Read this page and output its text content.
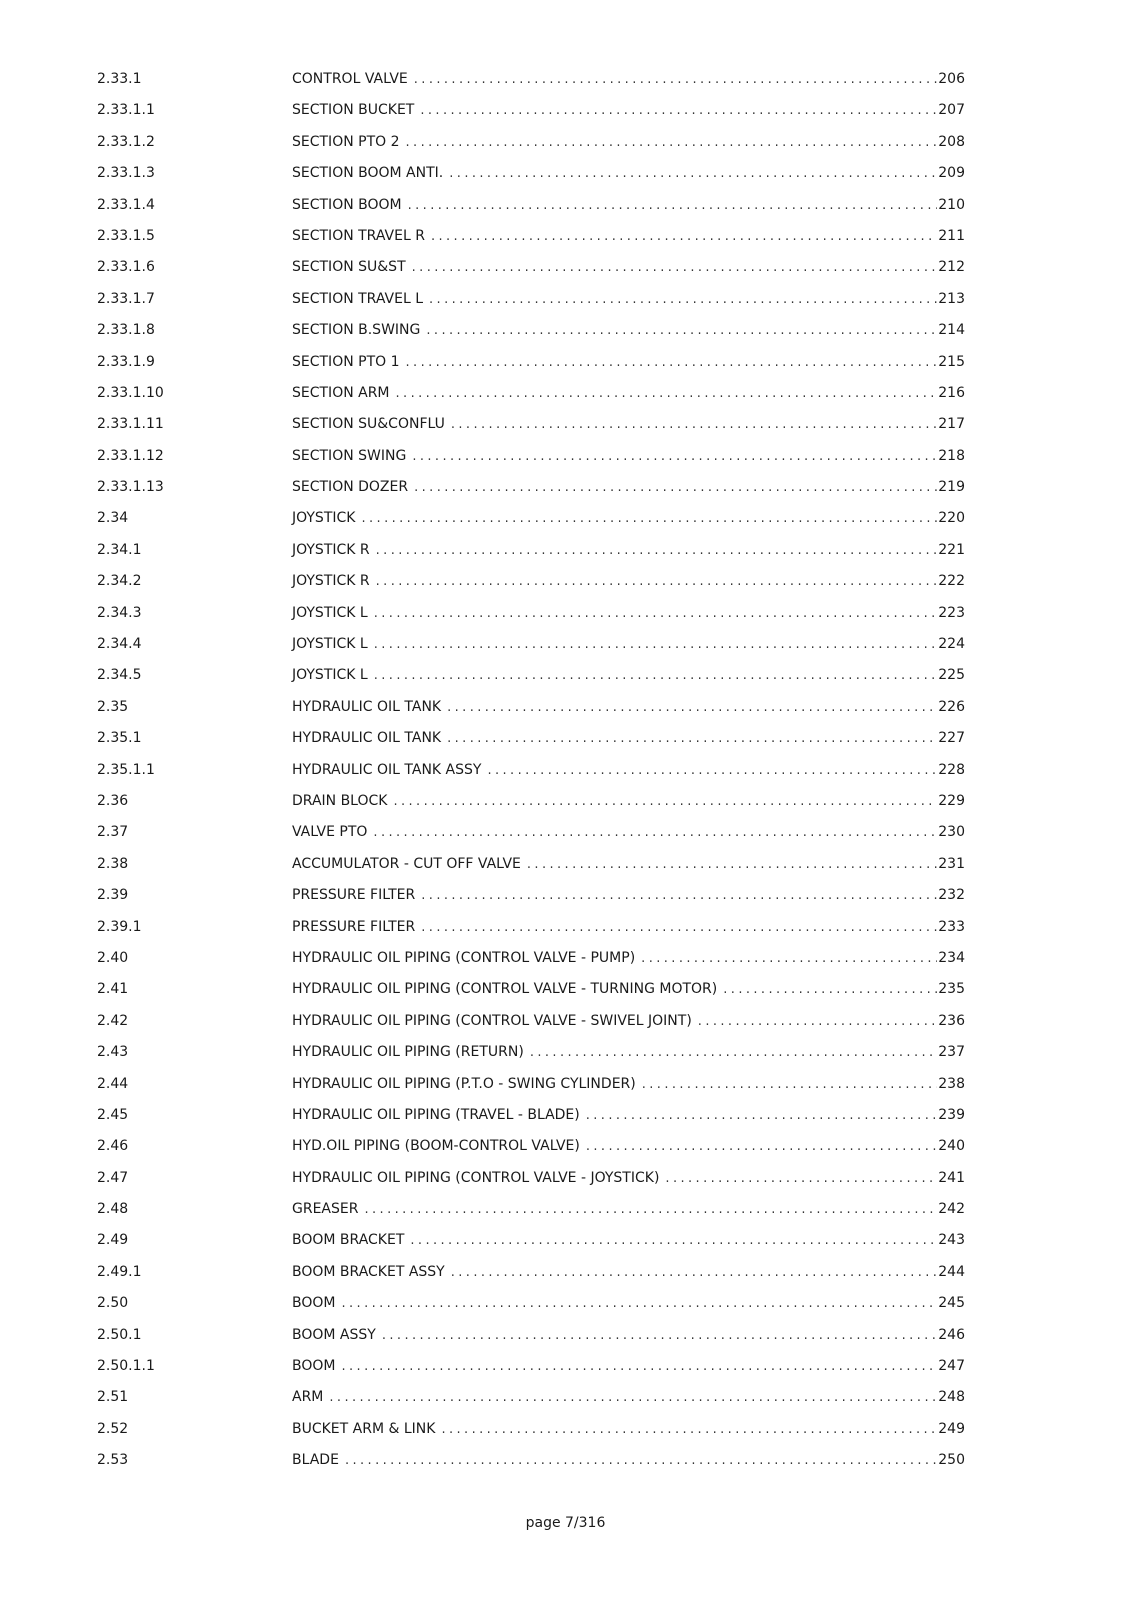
2.33.1	CONTROL VALVE .....	206
2.33.1.1	SECTION BUCKET .....	207
2.33.1.2	SECTION PTO 2 .....	208
2.33.1.3	SECTION BOOM ANTI. .....	209
2.33.1.4	SECTION BOOM .....	210
2.33.1.5	SECTION TRAVEL R .....	211
2.33.1.6	SECTION SU&ST .....	212
2.33.1.7	SECTION TRAVEL L .....	213
2.33.1.8	SECTION B.SWING .....	214
2.33.1.9	SECTION PTO 1 .....	215
2.33.1.10	SECTION ARM .....	216
2.33.1.11	SECTION SU&CONFLU .....	217
2.33.1.12	SECTION SWING .....	218
2.33.1.13	SECTION DOZER .....	219
2.34	JOYSTICK .....	220
2.34.1	JOYSTICK R .....	221
2.34.2	JOYSTICK R .....	222
2.34.3	JOYSTICK L .....	223
2.34.4	JOYSTICK L .....	224
2.34.5	JOYSTICK L .....	225
2.35	HYDRAULIC OIL TANK .....	226
2.35.1	HYDRAULIC OIL TANK .....	227
2.35.1.1	HYDRAULIC OIL TANK ASSY .....	228
2.36	DRAIN BLOCK .....	229
2.37	VALVE PTO .....	230
2.38	ACCUMULATOR - CUT OFF VALVE .....	231
2.39	PRESSURE FILTER .....	232
2.39.1	PRESSURE FILTER .....	233
2.40	HYDRAULIC OIL PIPING (CONTROL VALVE - PUMP) .....	234
2.41	HYDRAULIC OIL PIPING (CONTROL VALVE - TURNING MOTOR) .....	235
2.42	HYDRAULIC OIL PIPING (CONTROL VALVE - SWIVEL JOINT) .....	236
2.43	HYDRAULIC OIL PIPING (RETURN) .....	237
2.44	HYDRAULIC OIL PIPING (P.T.O - SWING CYLINDER) .....	238
2.45	HYDRAULIC OIL PIPING (TRAVEL - BLADE) .....	239
2.46	HYD.OIL PIPING (BOOM-CONTROL VALVE) .....	240
2.47	HYDRAULIC OIL PIPING (CONTROL VALVE - JOYSTICK) .....	241
2.48	GREASER .....	242
2.49	BOOM BRACKET .....	243
2.49.1	BOOM BRACKET ASSY .....	244
2.50	BOOM .....	245
2.50.1	BOOM ASSY .....	246
2.50.1.1	BOOM .....	247
2.51	ARM .....	248
2.52	BUCKET ARM & LINK .....	249
2.53	BLADE .....	250
page 7/316
